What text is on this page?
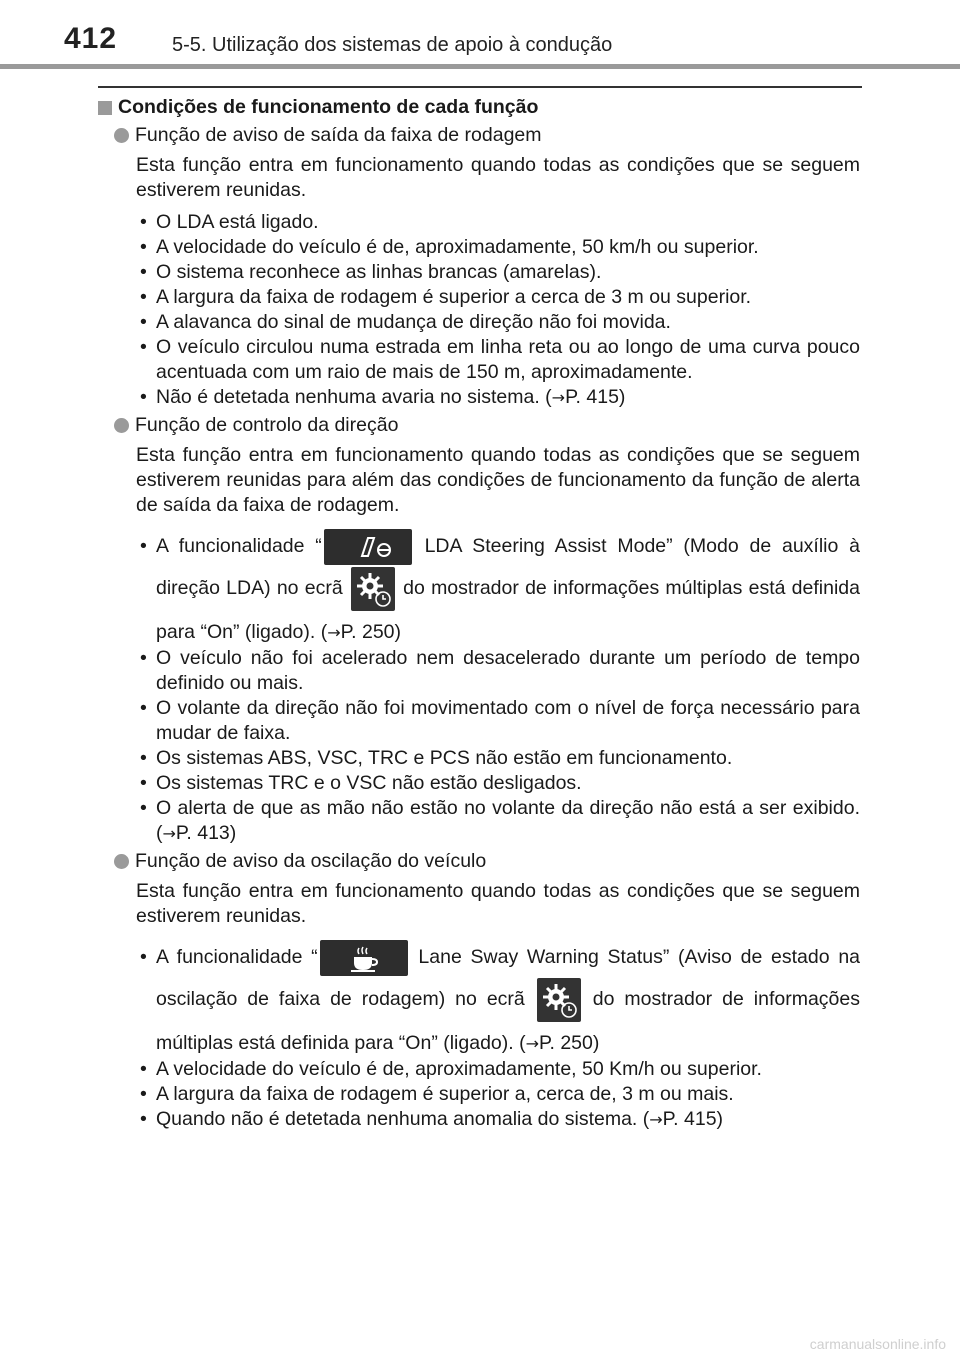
412	5-5. Utilização dos sistemas de apoio à condução
Condições de funcionamento de cada função
Função de aviso de saída da faixa de rodagem

Esta função entra em funcionamento quando todas as condições que se seguem estiverem reunidas.

• O LDA está ligado.
• A velocidade do veículo é de, aproximadamente, 50 km/h ou superior.
• O sistema reconhece as linhas brancas (amarelas).
• A largura da faixa de rodagem é superior a cerca de 3 m ou superior.
• A alavanca do sinal de mudança de direção não foi movida.
• O veículo circulou numa estrada em linha reta ou ao longo de uma curva pouco acentuada com um raio de mais de 150 m, aproximadamente.
• Não é detetada nenhuma avaria no sistema. (→P. 415)
Função de controlo da direção

Esta função entra em funcionamento quando todas as condições que se seguem estiverem reunidas para além das condições de funcionamento da função de alerta de saída da faixa de rodagem.

• A funcionalidade “	LDA Steering Assist Mode” (Modo de auxílio à direção LDA) no ecrã
do mostrador de informações múltiplas está definida para “On” (ligado). (→P. 250)
• O veículo não foi acelerado nem desacelerado durante um período de tempo definido ou mais.
• O volante da direção não foi movimentado com o nível de força necessário para mudar de faixa.
• Os sistemas ABS, VSC, TRC e PCS não estão em funcionamento.
• Os sistemas TRC e o VSC não estão desligados.
• O alerta de que as mão não estão no volante da direção não está a ser exibido. (→P. 413)
Função de aviso da oscilação do veículo

Esta função entra em funcionamento quando todas as condições que se seguem estiverem reunidas.

• A funcionalidade “	Lane Sway Warning Status” (Aviso de estado na oscilação de faixa de rodagem) no ecrã
do mostrador de informações múltiplas está definida para “On” (ligado). (→P. 250)
• A velocidade do veículo é de, aproximadamente, 50 Km/h ou superior.
• A largura da faixa de rodagem é superior a, cerca de, 3 m ou mais.
• Quando não é detetada nenhuma anomalia do sistema. (→P. 415)
carmanualsonline.info
